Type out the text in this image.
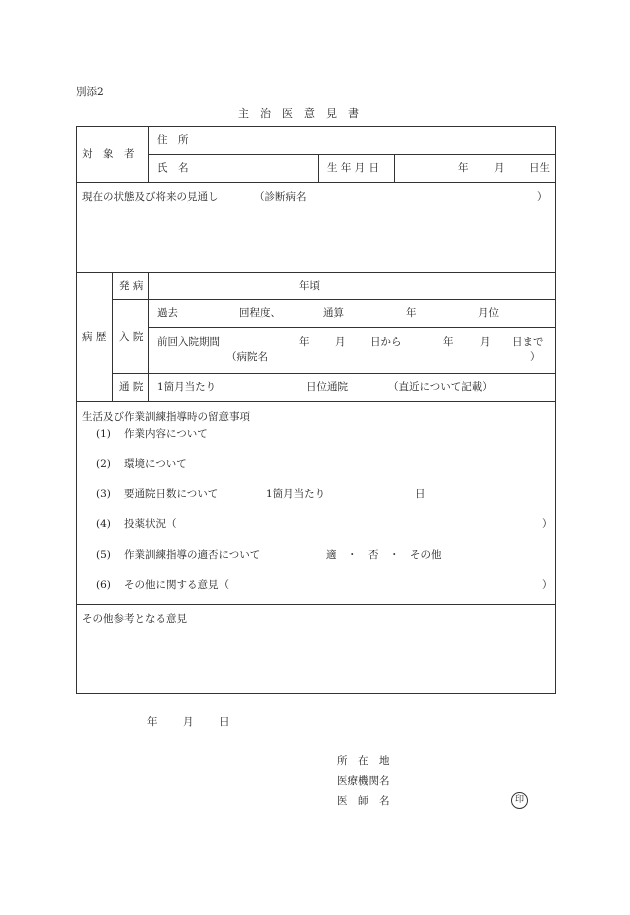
別添2
主　治　医　意　見　書
対　象　者
住　所
氏　名	生 年 月 日	年 月 日生
現在の状態及び将来の見通し	（診断病名	）
病 歴
発 病	年頃
入 院
過去	回程度、	通算	年	月位
前回入院期間	年 月 日から	年	月 日まで
（病院名	）
通 院 1箇月当たり	日位通院	（直近について記載）
生活及び作業訓練指導時の留意事項
(1) 作業内容について
(2) 環境について
(3) 要通院日数について	1箇月当たり	日
(4) 投薬状況（	）
(5) 作業訓練指導の適否について	適　・　否　・　その他
(6) その他に関する意見（	）
その他参考となる意見
年 月 日
所　在　地
医療機関名
医　師　名	印
